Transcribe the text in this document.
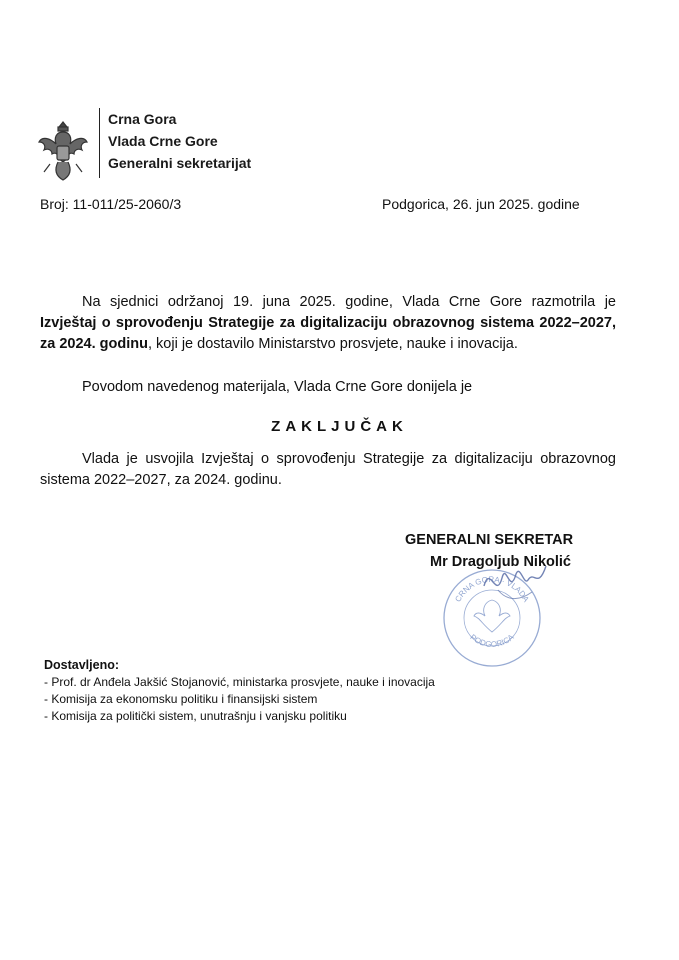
Crna Gora
Vlada Crne Gore
Generalni sekretarijat
Broj: 11-011/25-2060/3	Podgorica, 26. jun 2025. godine
Na sjednici održanoj 19. juna 2025. godine, Vlada Crne Gore razmotrila je Izvještaj o sprovođenju Strategije za digitalizaciju obrazovnog sistema 2022–2027, za 2024. godinu, koji je dostavilo Ministarstvo prosvjete, nauke i inovacija.
Povodom navedenog materijala, Vlada Crne Gore donijela je
ZAKLJUČAK
Vlada je usvojila Izvještaj o sprovođenju Strategije za digitalizaciju obrazovnog sistema 2022–2027, za 2024. godinu.
CRNA GORA · VLADA
PODGORICA
GENERALNI SEKRETAR
Mr Dragoljub Nikolić
Dostavljeno:
- Prof. dr Anđela Jakšić Stojanović, ministarka prosvjete, nauke i inovacija
- Komisija za ekonomsku politiku i finansijski sistem
- Komisija za politički sistem, unutrašnju i vanjsku politiku
